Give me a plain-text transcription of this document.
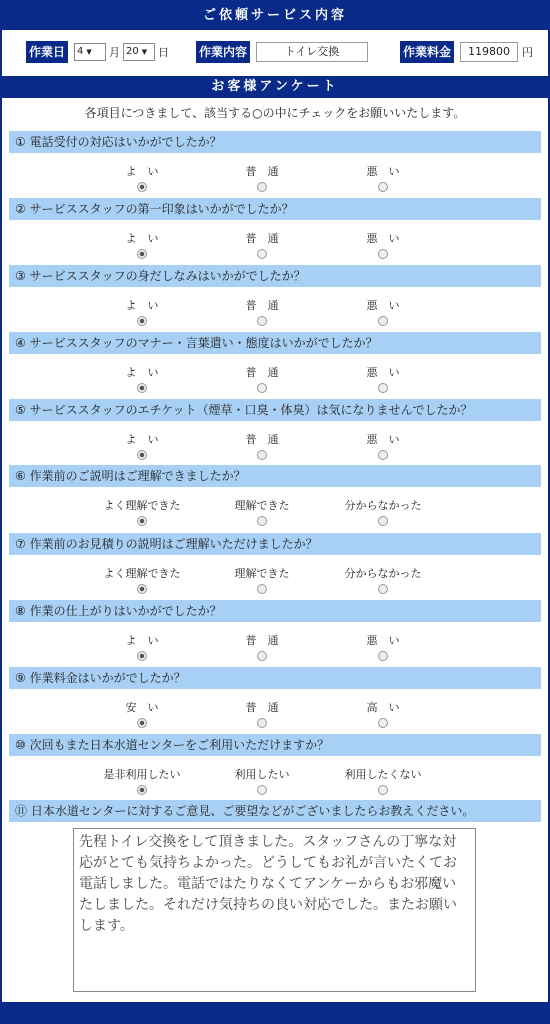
ご依頼サービス内容
作業日	4 ▼ 月 20 ▼ 日 作業内容	トイレ交換	作業料金	119800	円
お客様アンケート
各項目につきまして、該当する○の中にチェックをお願いいたします。
① 電話受付の対応はいかがでしたか？
よ　い	普　通	悪　い
② サービススタッフの第一印象はいかがでしたか？
よ　い	普　通	悪　い
③ サービススタッフの身だしなみはいかがでしたか？
よ　い	普　通	悪　い
④ サービススタッフのマナー・言葉遣い・態度はいかがでしたか？
よ　い	普　通	悪　い
⑤ サービススタッフのエチケット（煙草・口臭・体臭）は気になりませんでしたか？
よ　い	普　通	悪　い
⑥ 作業前のご説明はご理解できましたか？
よく理解できた	理解できた	分からなかった
⑦ 作業前のお見積りの説明はご理解いただけましたか？
よく理解できた	理解できた	分からなかった
⑧ 作業の仕上がりはいかがでしたか？
よ　い	普　通	悪　い
⑨ 作業料金はいかがでしたか？
安　い	普　通	高　い
⑩ 次回もまた日本水道センターをご利用いただけますか？
是非利用したい	利用したい	利用したくない
⑪ 日本水道センターに対するご意見、ご要望などがございましたらお教えください。
先程トイレ交換をして頂きました。スタッフさんの丁寧な対応がとても気持ちよかった。どうしてもお礼が言いたくてお電話しました。電話ではたりなくてアンケーからもお邪魔いたしました。それだけ気持ちの良い対応でした。またお願いします。
